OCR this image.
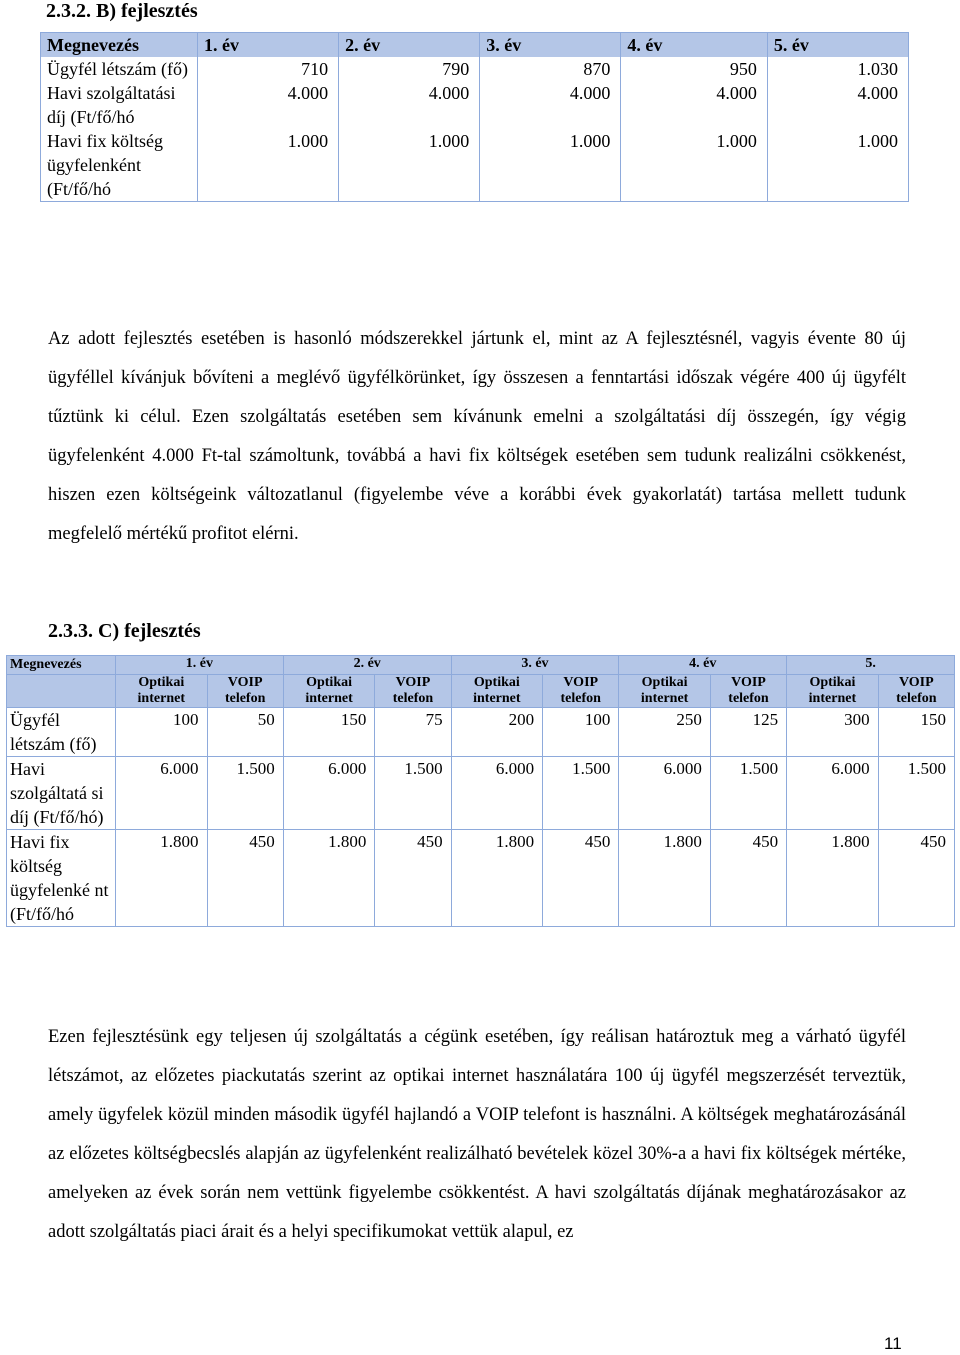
2.3.2. B) fejlesztés
Megnevezés	1. év	2. év	3. év	4. év	5. év
Ügyfél létszám (fő)	710	790	870	950	1.030
Havi szolgáltatási díj (Ft/fő/hó	4.000	4.000	4.000	4.000	4.000
Havi fix költség ügyfelenként (Ft/fő/hó	1.000	1.000	1.000	1.000	1.000
Az adott fejlesztés esetében is hasonló módszerekkel jártunk el, mint az A fejlesztésnél, vagyis évente 80 új ügyféllel kívánjuk bővíteni a meglévő ügyfélkörünket, így összesen a fenntartási időszak végére 400 új ügyfélt tűztünk ki célul. Ezen szolgáltatás esetében sem kívánunk emelni a szolgáltatási díj összegén, így végig ügyfelenként 4.000 Ft-tal számoltunk, továbbá a havi fix költségek esetében sem tudunk realizálni csökkenést, hiszen ezen költségeink változatlanul (figyelembe véve a korábbi évek gyakorlatát) tartása mellett tudunk megfelelő mértékű profitot elérni.
2.3.3. C) fejlesztés
Megnevezés	1. év		2. év		3. év		4. év		5.	
	Optikai internet	VOIP telefon	Optikai internet	VOIP telefon	Optikai internet	VOIP telefon	Optikai internet	VOIP telefon	Optikai internet	VOIP telefon
Ügyfél létszám (fő)	100	50	150	75	200	100	250	125	300	150
Havi szolgáltatá si díj (Ft/fő/hó)	6.000	1.500	6.000	1.500	6.000	1.500	6.000	1.500	6.000	1.500
Havi fix költség ügyfelenké nt (Ft/fő/hó	1.800	450	1.800	450	1.800	450	1.800	450	1.800	450
Ezen fejlesztésünk egy teljesen új szolgáltatás a cégünk esetében, így reálisan határoztuk meg a várható ügyfél létszámot, az előzetes piackutatás szerint az optikai internet használatára 100 új ügyfél megszerzését terveztük, amely ügyfelek közül minden második ügyfél hajlandó a VOIP telefont is használni. A költségek meghatározásánál az előzetes költségbecslés alapján az ügyfelenként realizálható bevételek közel 30%-a a havi fix költségek mértéke, amelyeken az évek során nem vettünk figyelembe csökkentést. A havi szolgáltatás díjának meghatározásakor az adott szolgáltatás piaci árait és a helyi specifikumokat vettük alapul, ez
11
